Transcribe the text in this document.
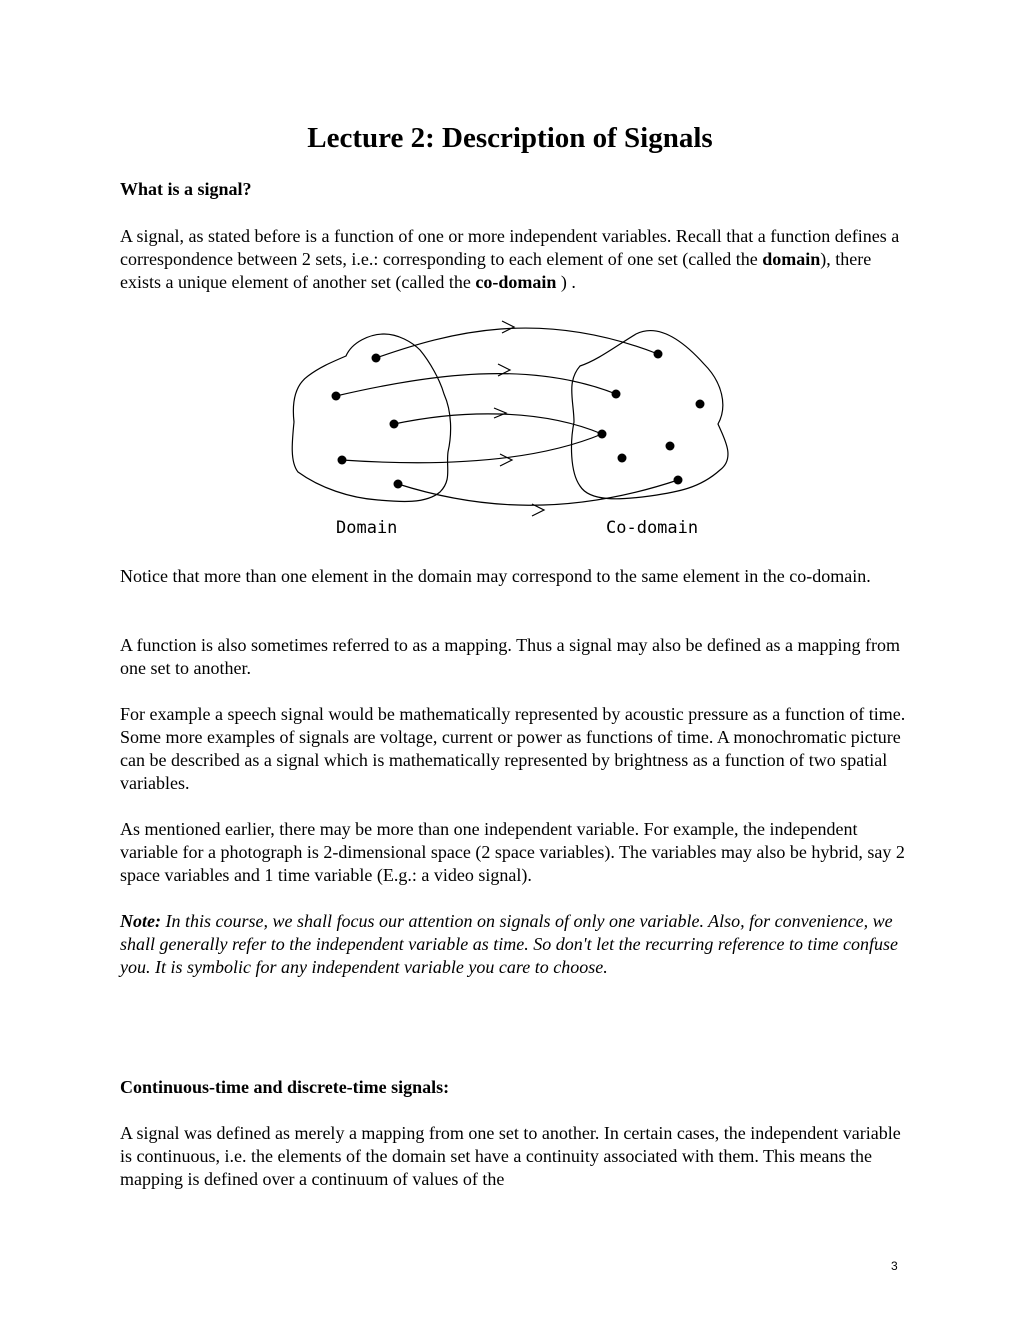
Lecture 2: Description of Signals
What is a signal?

A signal, as stated before is a function of one or more independent variables. Recall that a function defines a correspondence between 2 sets, i.e.: corresponding to each element of one set (called the domain), there exists a unique element of another set (called the co-domain ) .

Domain	Co-domain

Notice that more than one element in the domain may correspond to the same element in the co-domain.

A function is also sometimes referred to as a mapping. Thus a signal may also be defined as a mapping from one set to another.

For example a speech signal would be mathematically represented by acoustic pressure as a function of time. Some more examples of signals are voltage, current or power as functions of time. A monochromatic picture can be described as a signal which is mathematically represented by brightness as a function of two spatial variables.

As mentioned earlier, there may be more than one independent variable. For example, the independent variable for a photograph is 2-dimensional space (2 space variables). The variables may also be hybrid, say 2 space variables and 1 time variable (E.g.: a video signal).

Note: In this course, we shall focus our attention on signals of only one variable. Also, for convenience, we shall generally refer to the independent variable as time. So don't let the recurring reference to time confuse you. It is symbolic for any independent variable you care to choose.

Continuous-time and discrete-time signals:

A signal was defined as merely a mapping from one set to another. In certain cases, the independent variable is continuous, i.e. the elements of the domain set have a continuity associated with them. This means the mapping is defined over a continuum of values of the

3
